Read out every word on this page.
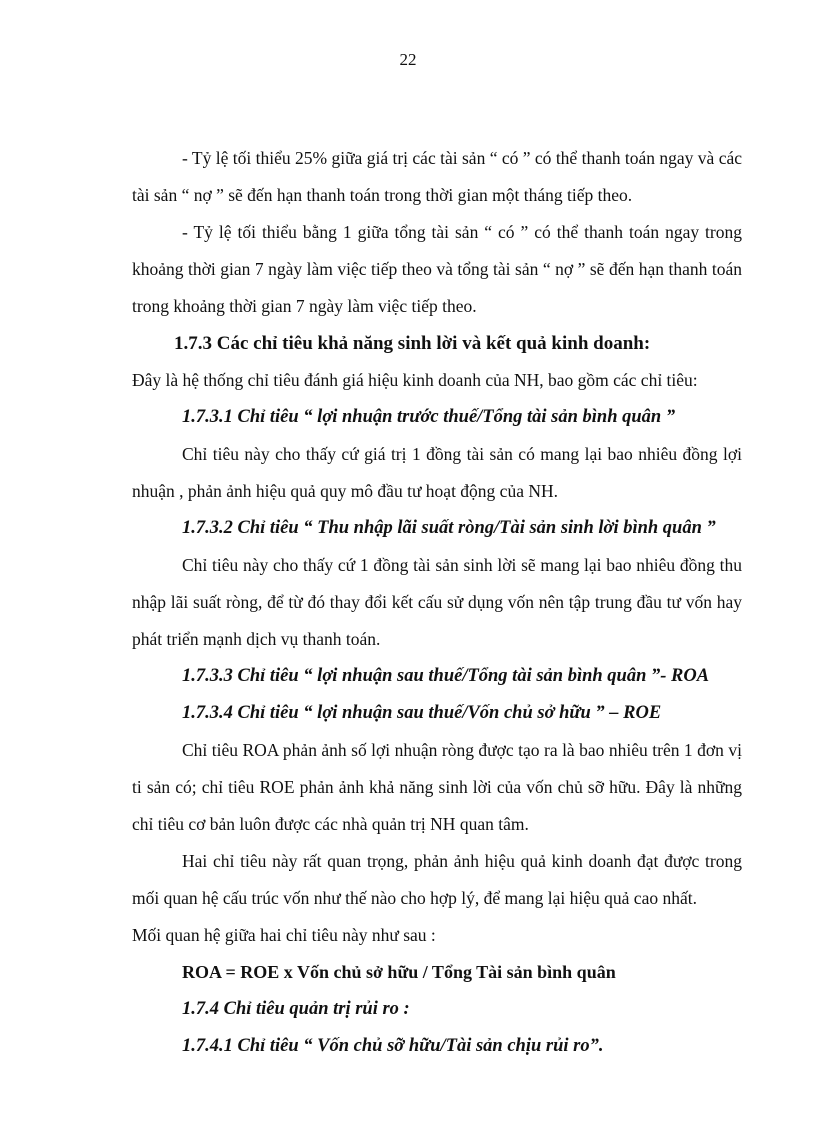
22

- Tỷ lệ tối thiểu 25% giữa giá trị các tài sản “ có ” có thể thanh toán ngay và các tài sản “ nợ ” sẽ đến hạn thanh toán trong thời gian một tháng tiếp theo.

- Tỷ lệ tối thiểu bằng 1 giữa tổng tài sản “ có ” có thể thanh toán ngay trong khoảng thời gian 7 ngày làm việc tiếp theo và tổng tài sản “ nợ ” sẽ đến hạn thanh toán trong khoảng thời gian 7 ngày làm việc tiếp theo.

1.7.3 Các chỉ tiêu khả năng sinh lời và kết quả kinh doanh:

Đây là hệ thống chỉ tiêu đánh giá hiệu kinh doanh của NH, bao gồm các chỉ tiêu:

1.7.3.1 Chỉ tiêu “ lợi nhuận trước thuế/Tổng tài sản bình quân ”

Chỉ tiêu này cho thấy cứ giá trị 1 đồng tài sản có mang lại bao nhiêu đồng lợi nhuận , phản ảnh hiệu quả quy mô đầu tư hoạt động của NH.

1.7.3.2 Chỉ tiêu “ Thu nhập lãi suất ròng/Tài sản sinh lời bình quân ”

Chỉ tiêu này cho thấy cứ 1 đồng tài sản sinh lời sẽ mang lại bao nhiêu đồng thu nhập lãi suất ròng, để từ đó thay đổi kết cấu sử dụng vốn nên tập trung đầu tư vốn hay phát triển mạnh dịch vụ thanh toán.

1.7.3.3 Chỉ tiêu “ lợi nhuận sau thuế/Tổng tài sản bình quân ”- ROA

1.7.3.4 Chỉ tiêu “ lợi nhuận sau thuế/Vốn chủ sở hữu ” – ROE

Chỉ tiêu ROA phản ảnh số lợi nhuận ròng được tạo ra là bao nhiêu trên 1 đơn vị ti sản có; chỉ tiêu ROE phản ảnh khả năng sinh lời của vốn chủ sỡ hữu. Đây là những chỉ tiêu cơ bản luôn được các nhà quản trị NH quan tâm.

Hai chỉ tiêu này rất quan trọng, phản ảnh hiệu quả kinh doanh đạt được trong mối quan hệ cấu trúc vốn như thế nào cho hợp lý, để mang lại hiệu quả cao nhất.

Mối quan hệ giữa hai chỉ tiêu này như sau :

ROA = ROE x Vốn chủ sở hữu / Tổng Tài sản bình quân

1.7.4 Chỉ tiêu quản trị rủi ro :

1.7.4.1 Chỉ tiêu “ Vốn chủ sỡ hữu/Tài sản chịu rủi ro”.
